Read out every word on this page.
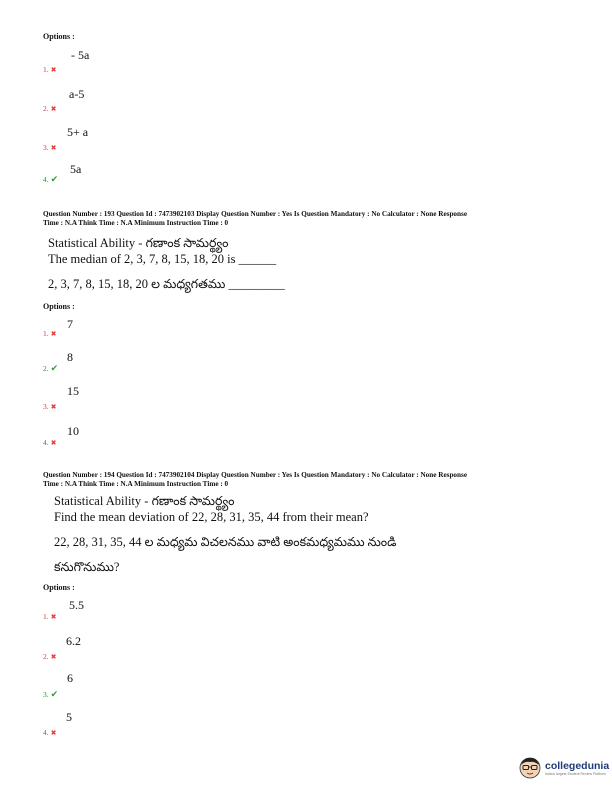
Options :
1. ✖
- 5a
2. ✖
a-5
3. ✖
5+ a
4. ✔
5a
Question Number : 193 Question Id : 7473902103 Display Question Number : Yes Is Question Mandatory : No Calculator : None Response
Time : N.A Think Time : N.A Minimum Instruction Time : 0
Statistical Ability - గణాంక సామర్థ్యం
The median of 2, 3, 7, 8, 15, 18, 20 is ______
2, 3, 7, 8, 15, 18, 20 ల మధ్యగతము _________
Options :
1. ✖
7
2. ✔
8
3. ✖
15
4. ✖
10
Question Number : 194 Question Id : 7473902104 Display Question Number : Yes Is Question Mandatory : No Calculator : None Response
Time : N.A Think Time : N.A Minimum Instruction Time : 0
Statistical Ability - గణాంక సామర్థ్యం
Find the mean deviation of 22, 28, 31, 35, 44 from their mean?
22, 28, 31, 35, 44 ల మధ్యమ విచలనము వాటి అంకమధ్యమము నుండి
కనుగొనుము?
Options :
1. ✖
5.5
2. ✖
6.2
3. ✔
6
4. ✖
5
collegedunia
India's largest Student Review Platform
